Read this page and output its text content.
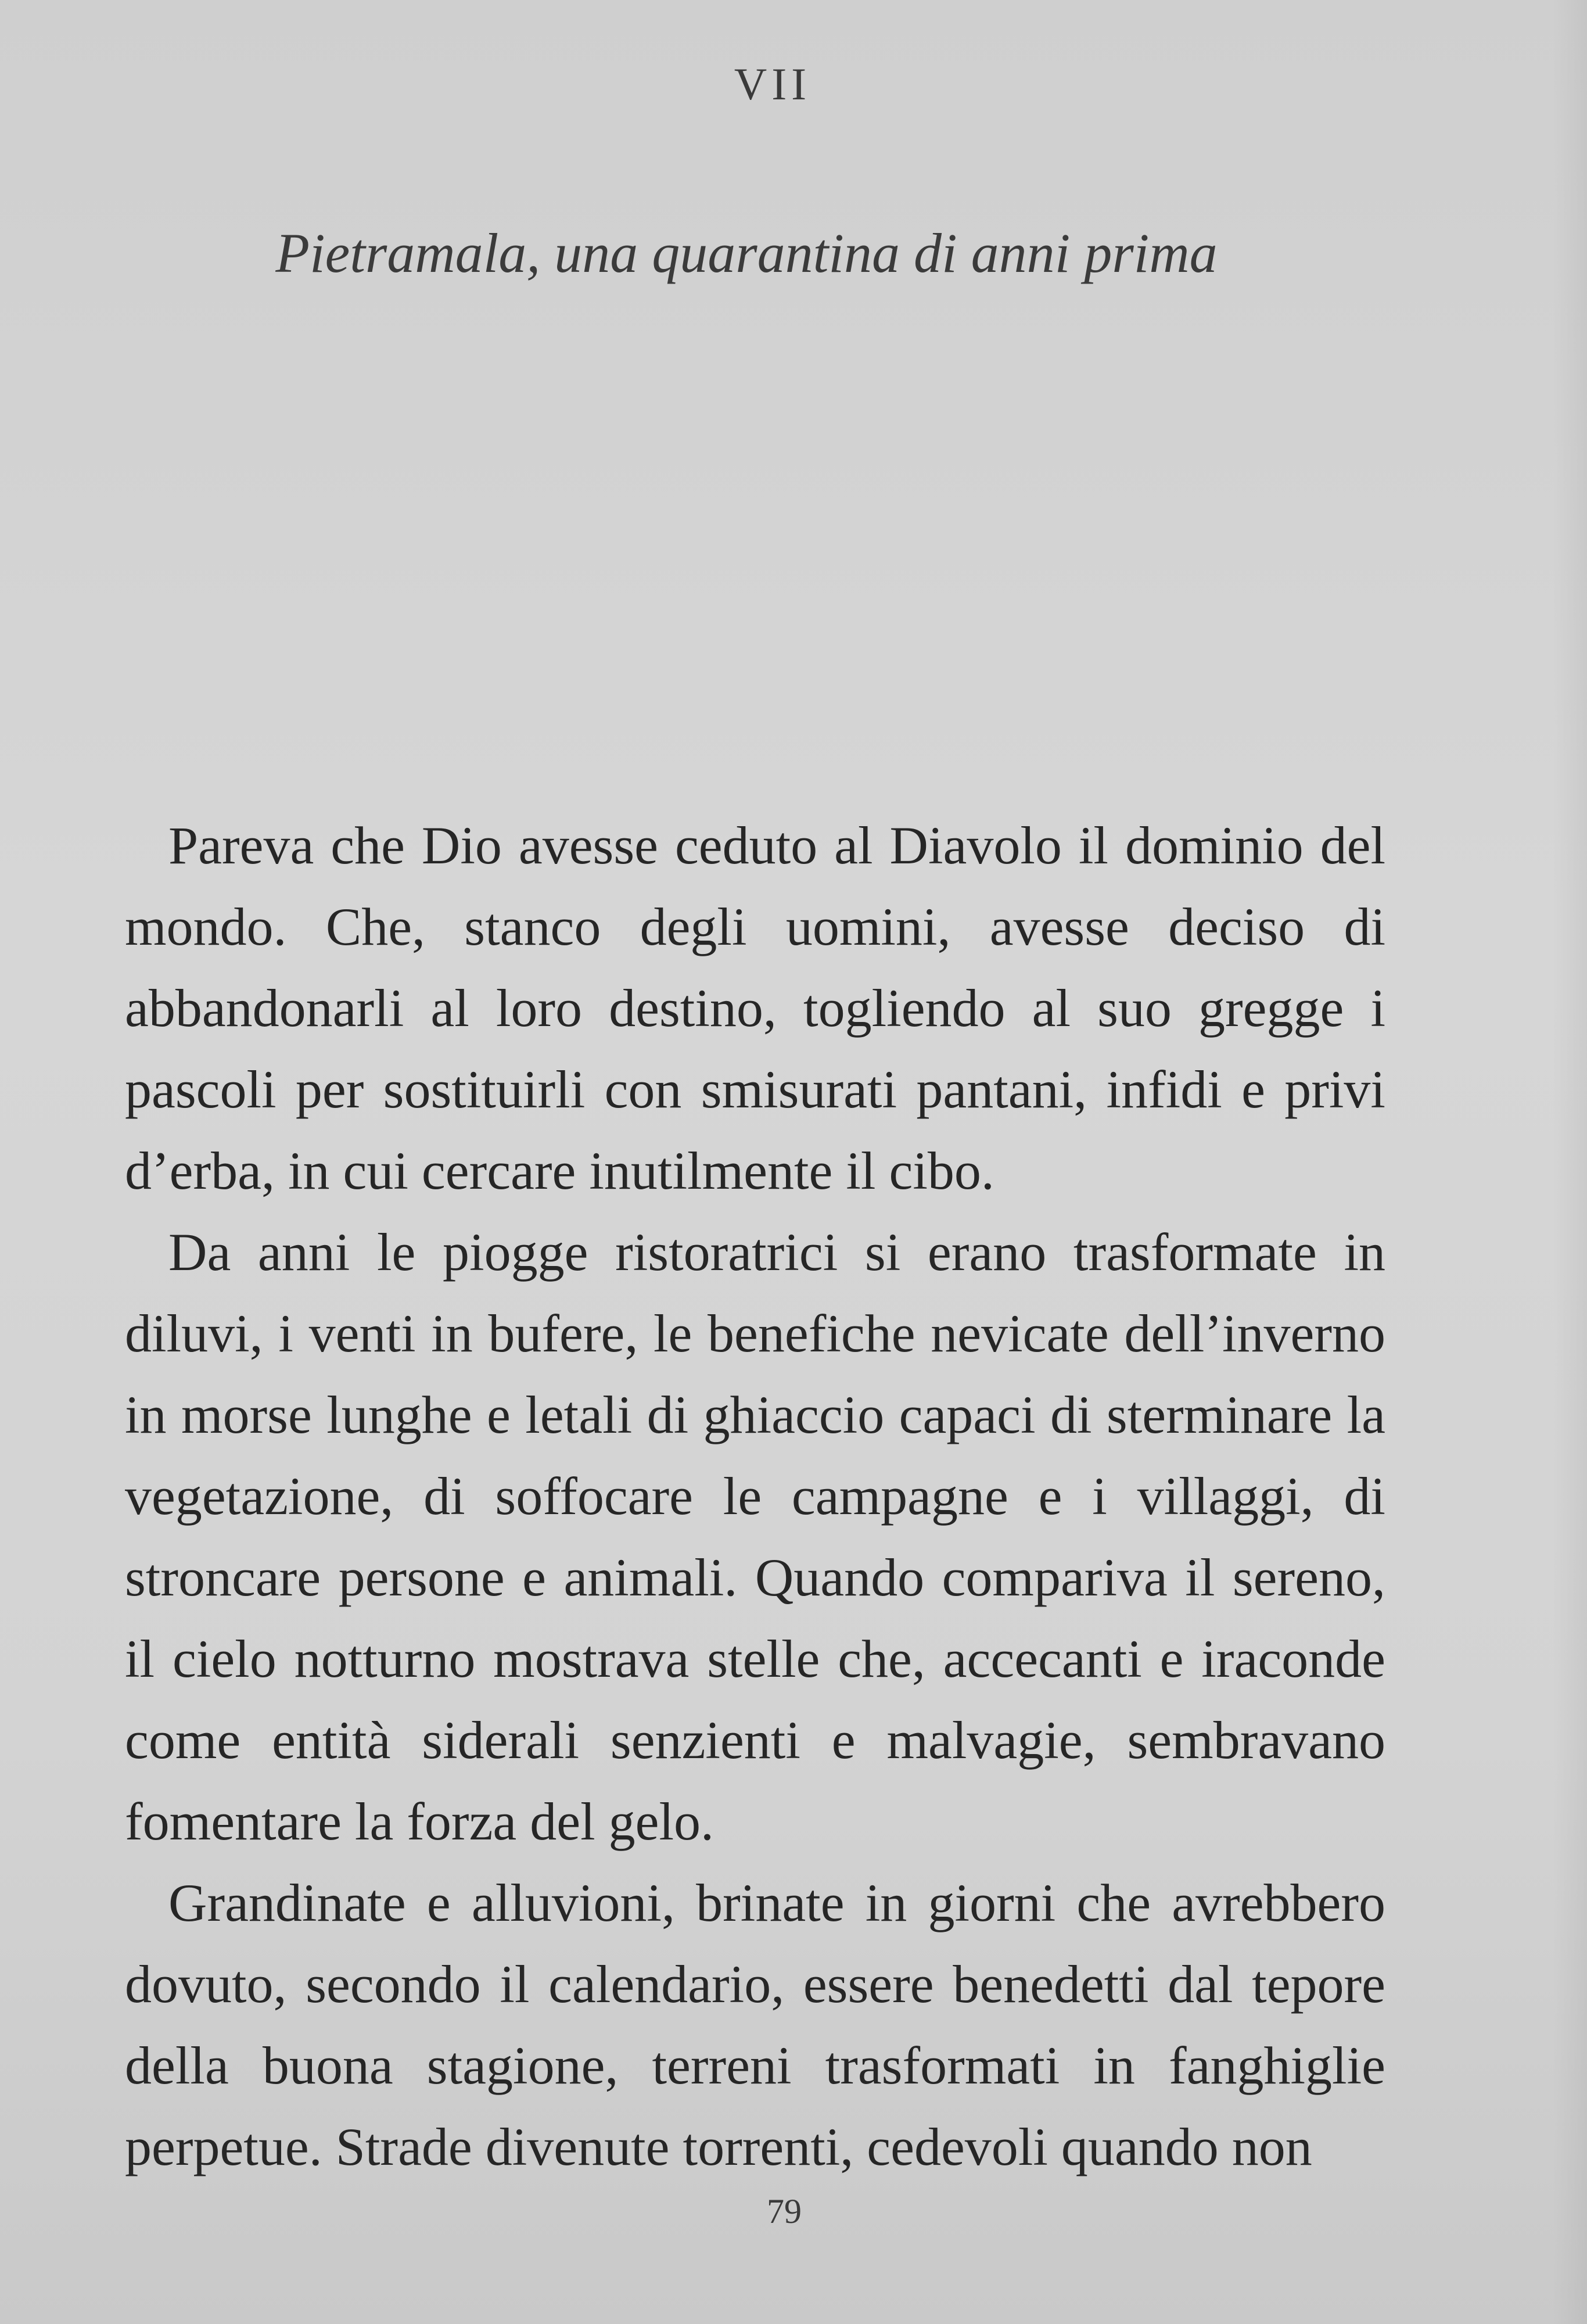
VII
Pietramala, una quarantina di anni prima

Pareva che Dio avesse ceduto al Diavolo il dominio del mondo. Che, stanco degli uomini, avesse deciso di abbandonarli al loro destino, togliendo al suo gregge i pascoli per sostituirli con smisurati pantani, infidi e privi d’erba, in cui cercare inutilmente il cibo.

Da anni le piogge ristoratrici si erano trasformate in diluvi, i venti in bufere, le benefiche nevicate dell’inverno in morse lunghe e letali di ghiaccio capaci di sterminare la vegetazione, di soffocare le campagne e i villaggi, di stroncare persone e animali. Quando compariva il sereno, il cielo notturno mostrava stelle che, accecanti e iraconde come entità siderali senzienti e malvagie, sembravano fomentare la forza del gelo.

Grandinate e alluvioni, brinate in giorni che avrebbero dovuto, secondo il calendario, essere benedetti dal tepore della buona stagione, terreni trasformati in fanghiglie perpetue. Strade divenute torrenti, cedevoli quando non

79
